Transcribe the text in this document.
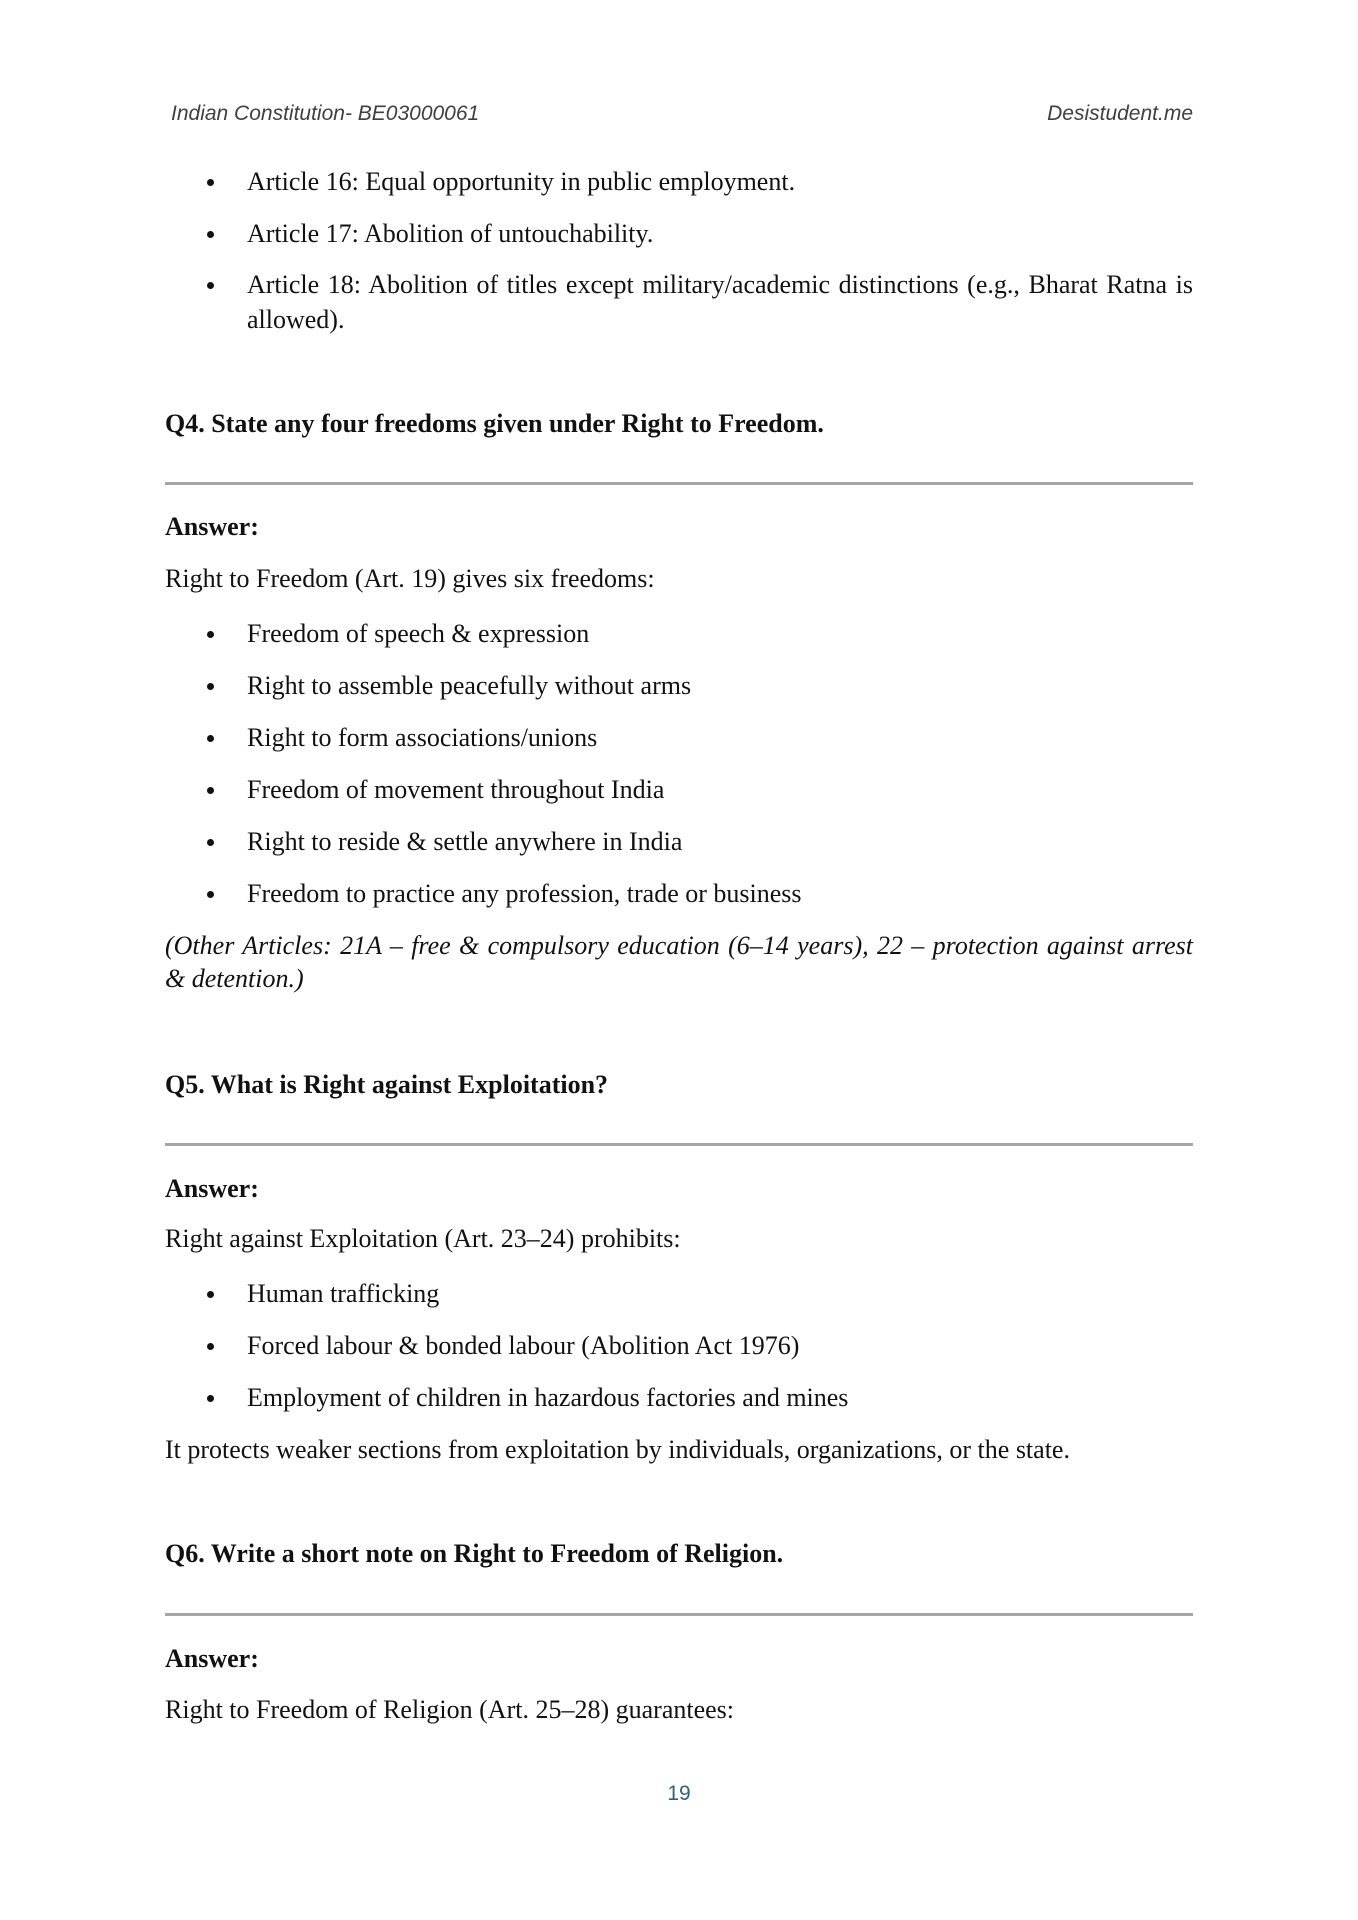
Indian Constitution- BE03000061	Desistudent.me
Article 16: Equal opportunity in public employment.
Article 17: Abolition of untouchability.
Article 18: Abolition of titles except military/academic distinctions (e.g., Bharat Ratna is allowed).
Q4. State any four freedoms given under Right to Freedom.
Answer:
Right to Freedom (Art. 19) gives six freedoms:
Freedom of speech & expression
Right to assemble peacefully without arms
Right to form associations/unions
Freedom of movement throughout India
Right to reside & settle anywhere in India
Freedom to practice any profession, trade or business
(Other Articles: 21A – free & compulsory education (6–14 years), 22 – protection against arrest & detention.)
Q5. What is Right against Exploitation?
Answer:
Right against Exploitation (Art. 23–24) prohibits:
Human trafficking
Forced labour & bonded labour (Abolition Act 1976)
Employment of children in hazardous factories and mines
It protects weaker sections from exploitation by individuals, organizations, or the state.
Q6. Write a short note on Right to Freedom of Religion.
Answer:
Right to Freedom of Religion (Art. 25–28) guarantees:
19
